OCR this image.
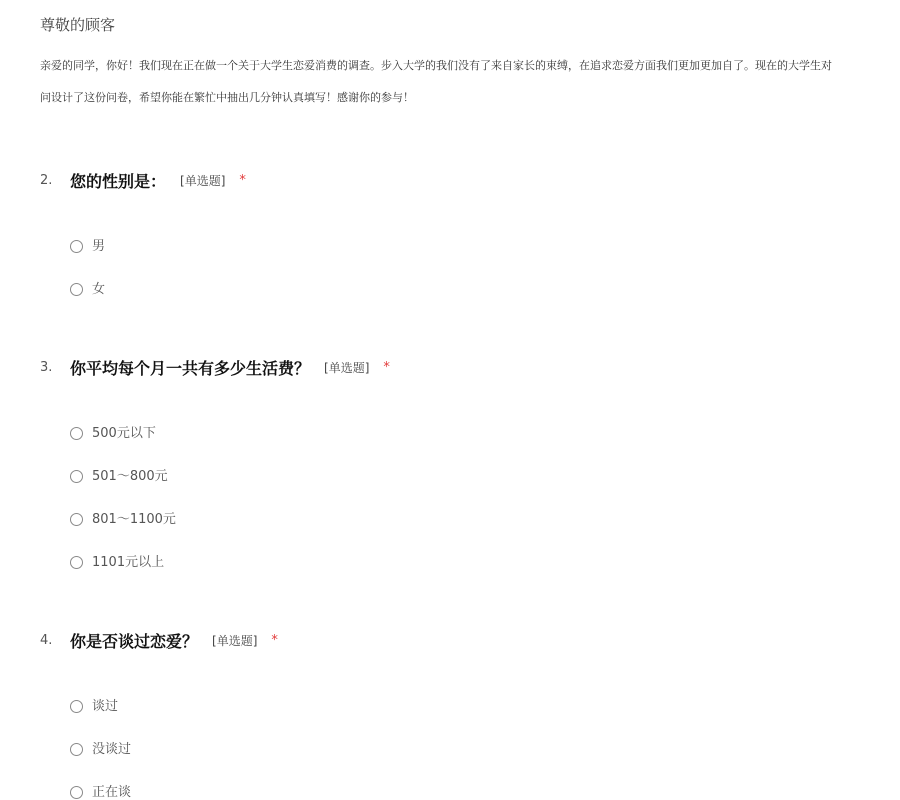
尊敬的顾客
亲爱的同学，你好！我们现在正在做一个关于大学生恋爱消费的调查。步入大学的我们没有了来自家长的束缚，在追求恋爱方面我们更加更加自了。现在的大学生对
问设计了这份问卷，希望你能在繁忙中抽出几分钟认真填写！感谢你的参与！
2.	您的性别是： [单选题] *
男
女
3.	你平均每个月一共有多少生活费？ [单选题] *
500元以下
501～800元
801～1100元
1101元以上
4.	你是否谈过恋爱？ [单选题] *
谈过
没谈过
正在谈
